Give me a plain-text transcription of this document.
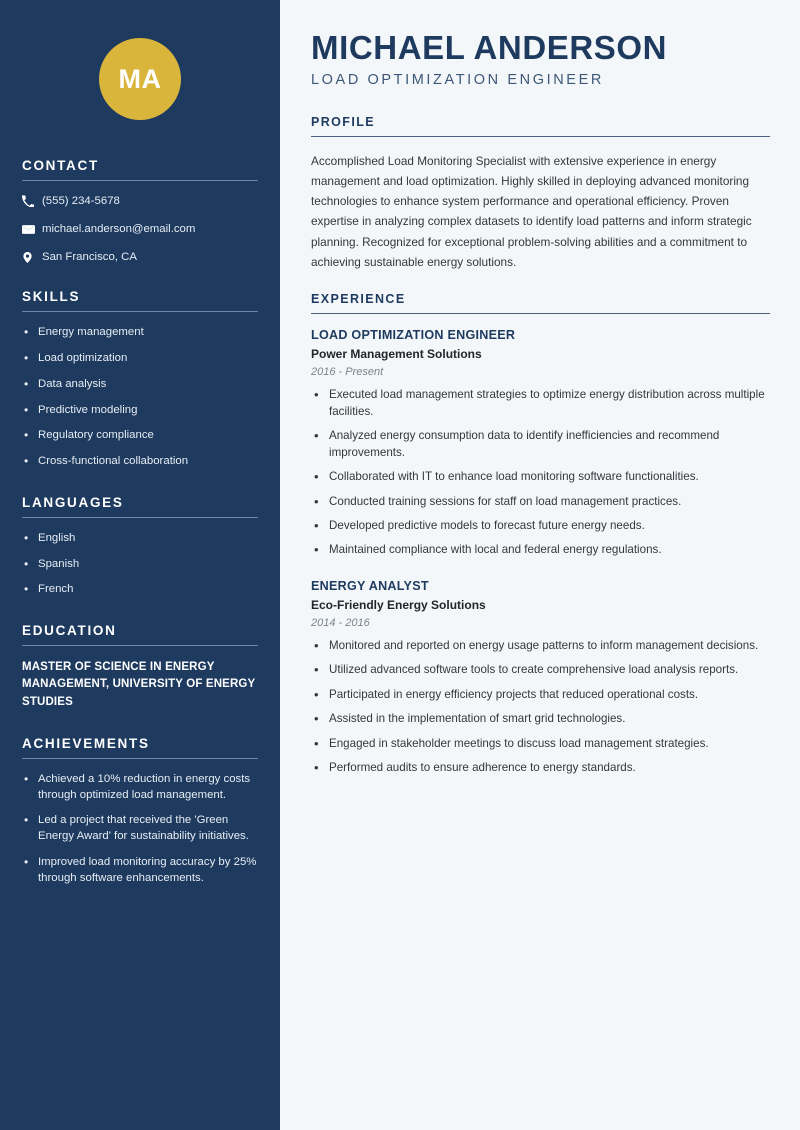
MA
CONTACT
(555) 234-5678
michael.anderson@email.com
San Francisco, CA
SKILLS
• Energy management
• Load optimization
• Data analysis
• Predictive modeling
• Regulatory compliance
• Cross-functional collaboration
LANGUAGES
• English
• Spanish
• French
EDUCATION
MASTER OF SCIENCE IN ENERGY MANAGEMENT, UNIVERSITY OF ENERGY STUDIES
ACHIEVEMENTS
• Achieved a 10% reduction in energy costs through optimized load management.
• Led a project that received the 'Green Energy Award' for sustainability initiatives.
• Improved load monitoring accuracy by 25% through software enhancements.
MICHAEL ANDERSON
LOAD OPTIMIZATION ENGINEER
PROFILE

Accomplished Load Monitoring Specialist with extensive experience in energy management and load optimization. Highly skilled in deploying advanced monitoring technologies to enhance system performance and operational efficiency. Proven expertise in analyzing complex datasets to identify load patterns and inform strategic planning. Recognized for exceptional problem-solving abilities and a commitment to achieving sustainable energy solutions.

EXPERIENCE
LOAD OPTIMIZATION ENGINEER
Power Management Solutions
2016 - Present
• Executed load management strategies to optimize energy distribution across multiple facilities.
• Analyzed energy consumption data to identify inefficiencies and recommend improvements.
• Collaborated with IT to enhance load monitoring software functionalities.
• Conducted training sessions for staff on load management practices.
• Developed predictive models to forecast future energy needs.
• Maintained compliance with local and federal energy regulations.
ENERGY ANALYST
Eco-Friendly Energy Solutions
2014 - 2016
• Monitored and reported on energy usage patterns to inform management decisions.
• Utilized advanced software tools to create comprehensive load analysis reports.
• Participated in energy efficiency projects that reduced operational costs.
• Assisted in the implementation of smart grid technologies.
• Engaged in stakeholder meetings to discuss load management strategies.
• Performed audits to ensure adherence to energy standards.
